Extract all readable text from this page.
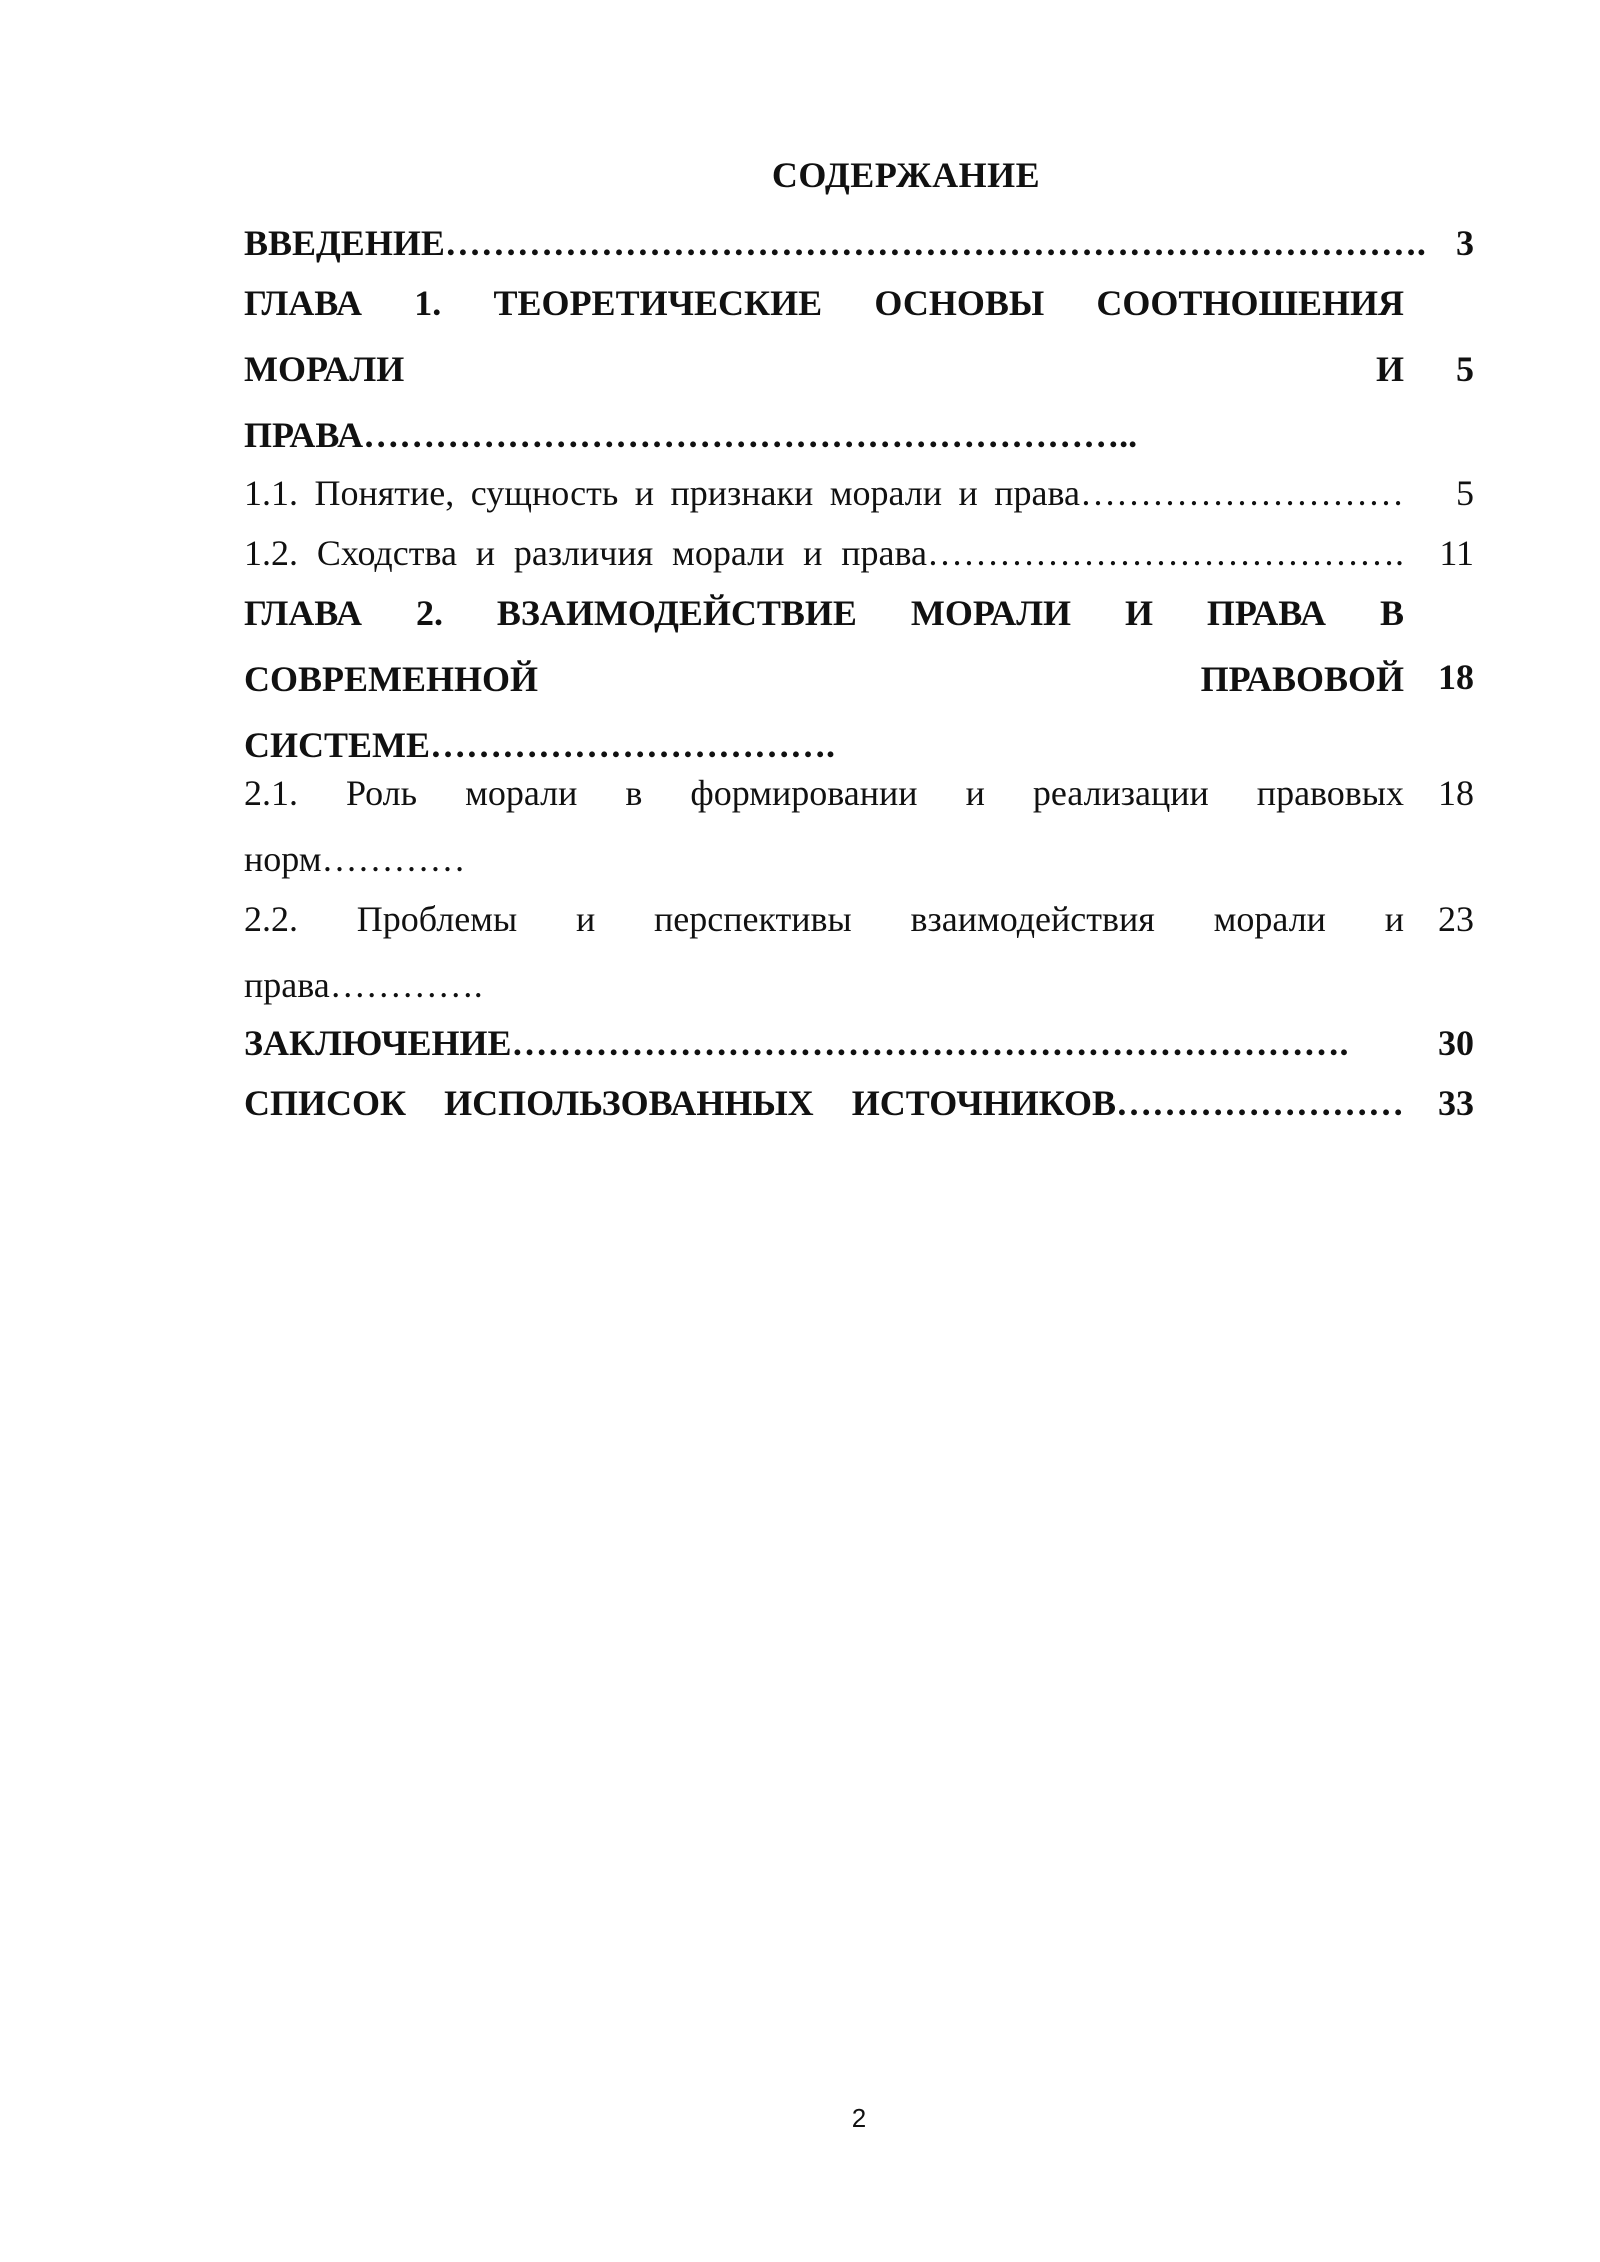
СОДЕРЖАНИЕ
ВВЕДЕНИЕ………………………………………………………………………. 3
ГЛАВА 1. ТЕОРЕТИЧЕСКИЕ ОСНОВЫ СООТНОШЕНИЯ
МОРАЛИ И
ПРАВА………………………………………………………..
5
1.1. Понятие, сущность и признаки морали и права………………………	5
1.2. Сходства и различия морали и права…………………………………. 11
ГЛАВА 2. ВЗАИМОДЕЙСТВИЕ МОРАЛИ И ПРАВА В
СОВРЕМЕННОЙ ПРАВОВОЙ
СИСТЕМЕ…………………………….
18
2.1. Роль морали в формировании и реализации правовых
норм…………
18
2.2. Проблемы и перспективы взаимодействия морали и
права………….
23
ЗАКЛЮЧЕНИЕ…………………………………………………………….	30
СПИСОК ИСПОЛЬЗОВАННЫХ ИСТОЧНИКОВ…………………… 33
2
